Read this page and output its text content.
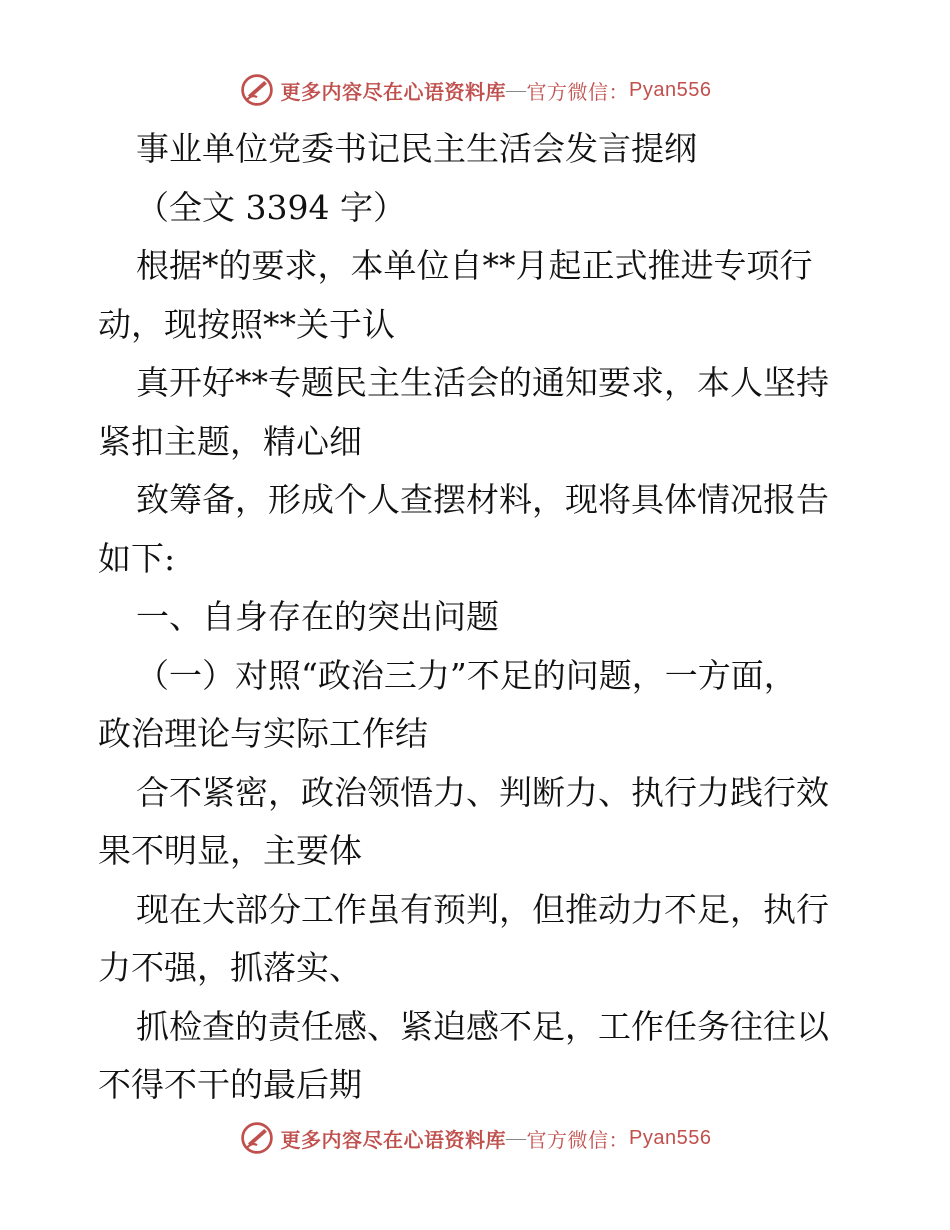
更多内容尽在心语资料库 — 官方微信： Pyan556
事业单位党委书记民主生活会发言提纲
（全文 3394 字）
根据*的要求，本单位自**月起正式推进专项行
动，现按照**关于认
真开好**专题民主生活会的通知要求，本人坚持
紧扣主题，精心细
致筹备，形成个人查摆材料，现将具体情况报告
如下:
一、自身存在的突出问题
（一）对照“政治三力”不足的问题，一方面，
政治理论与实际工作结
合不紧密，政治领悟力、判断力、执行力践行效
果不明显，主要体
现在大部分工作虽有预判，但推动力不足，执行
力不强，抓落实、
抓检查的责任感、紧迫感不足，工作任务往往以
不得不干的最后期
更多内容尽在心语资料库 — 官方微信： Pyan556
